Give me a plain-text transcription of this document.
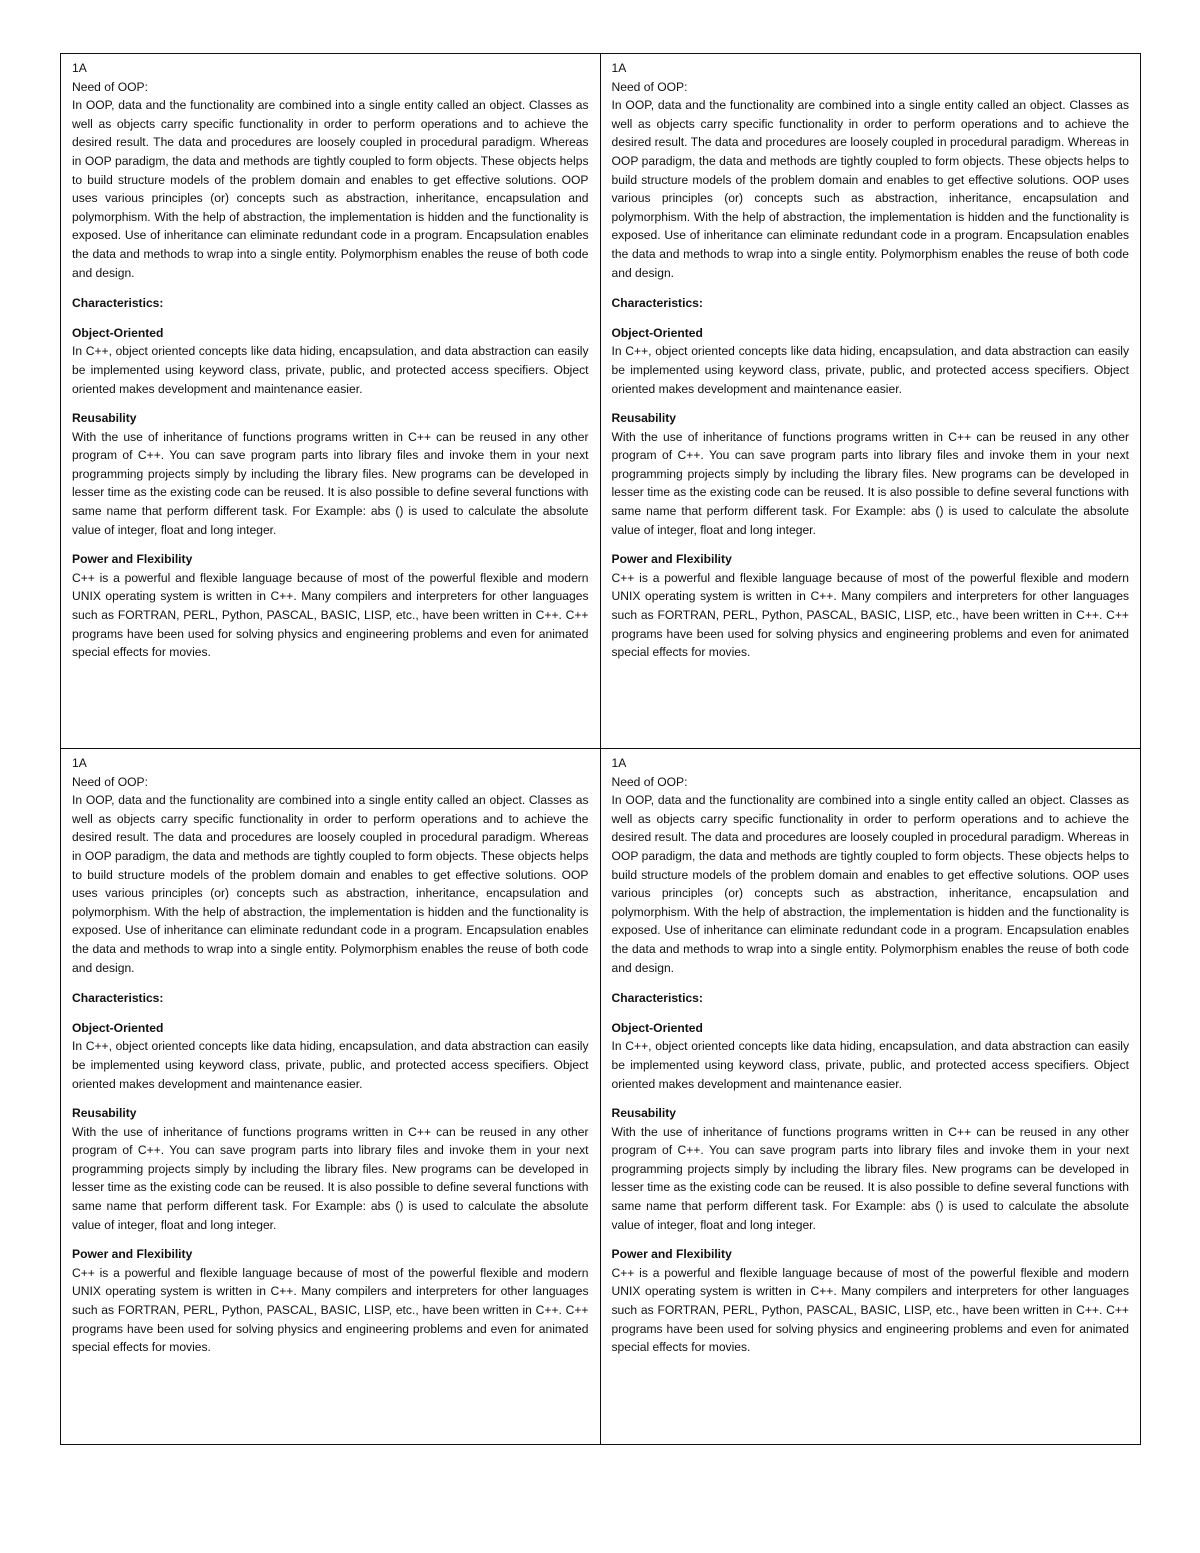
1A

Need of OOP:

In OOP, data and the functionality are combined into a single entity called an object. Classes as well as objects carry specific functionality in order to perform operations and to achieve the desired result. The data and procedures are loosely coupled in procedural paradigm. Whereas in OOP paradigm, the data and methods are tightly coupled to form objects. These objects helps to build structure models of the problem domain and enables to get effective solutions. OOP uses various principles (or) concepts such as abstraction, inheritance, encapsulation and polymorphism. With the help of abstraction, the implementation is hidden and the functionality is exposed. Use of inheritance can eliminate redundant code in a program. Encapsulation enables the data and methods to wrap into a single entity. Polymorphism enables the reuse of both code and design.

Characteristics:

Object-Oriented

In C++, object oriented concepts like data hiding, encapsulation, and data abstraction can easily be implemented using keyword class, private, public, and protected access specifiers. Object oriented makes development and maintenance easier.

Reusability

With the use of inheritance of functions programs written in C++ can be reused in any other program of C++. You can save program parts into library files and invoke them in your next programming projects simply by including the library files. New programs can be developed in lesser time as the existing code can be reused. It is also possible to define several functions with same name that perform different task. For Example: abs () is used to calculate the absolute value of integer, float and long integer.

Power and Flexibility

C++ is a powerful and flexible language because of most of the powerful flexible and modern UNIX operating system is written in C++. Many compilers and interpreters for other languages such as FORTRAN, PERL, Python, PASCAL, BASIC, LISP, etc., have been written in C++. C++ programs have been used for solving physics and engineering problems and even for animated special effects for movies.

1A

Need of OOP:

In OOP, data and the functionality are combined into a single entity called an object. Classes as well as objects carry specific functionality in order to perform operations and to achieve the desired result. The data and procedures are loosely coupled in procedural paradigm. Whereas in OOP paradigm, the data and methods are tightly coupled to form objects. These objects helps to build structure models of the problem domain and enables to get effective solutions. OOP uses various principles (or) concepts such as abstraction, inheritance, encapsulation and polymorphism. With the help of abstraction, the implementation is hidden and the functionality is exposed. Use of inheritance can eliminate redundant code in a program. Encapsulation enables the data and methods to wrap into a single entity. Polymorphism enables the reuse of both code and design.

Characteristics:

Object-Oriented

In C++, object oriented concepts like data hiding, encapsulation, and data abstraction can easily be implemented using keyword class, private, public, and protected access specifiers. Object oriented makes development and maintenance easier.

Reusability

With the use of inheritance of functions programs written in C++ can be reused in any other program of C++. You can save program parts into library files and invoke them in your next programming projects simply by including the library files. New programs can be developed in lesser time as the existing code can be reused. It is also possible to define several functions with same name that perform different task. For Example: abs () is used to calculate the absolute value of integer, float and long integer.

Power and Flexibility

C++ is a powerful and flexible language because of most of the powerful flexible and modern UNIX operating system is written in C++. Many compilers and interpreters for other languages such as FORTRAN, PERL, Python, PASCAL, BASIC, LISP, etc., have been written in C++. C++ programs have been used for solving physics and engineering problems and even for animated special effects for movies.

1A

Need of OOP:

In OOP, data and the functionality are combined into a single entity called an object. Classes as well as objects carry specific functionality in order to perform operations and to achieve the desired result. The data and procedures are loosely coupled in procedural paradigm. Whereas in OOP paradigm, the data and methods are tightly coupled to form objects. These objects helps to build structure models of the problem domain and enables to get effective solutions. OOP uses various principles (or) concepts such as abstraction, inheritance, encapsulation and polymorphism. With the help of abstraction, the implementation is hidden and the functionality is exposed. Use of inheritance can eliminate redundant code in a program. Encapsulation enables the data and methods to wrap into a single entity. Polymorphism enables the reuse of both code and design.

Characteristics:

Object-Oriented

In C++, object oriented concepts like data hiding, encapsulation, and data abstraction can easily be implemented using keyword class, private, public, and protected access specifiers. Object oriented makes development and maintenance easier.

Reusability

With the use of inheritance of functions programs written in C++ can be reused in any other program of C++. You can save program parts into library files and invoke them in your next programming projects simply by including the library files. New programs can be developed in lesser time as the existing code can be reused. It is also possible to define several functions with same name that perform different task. For Example: abs () is used to calculate the absolute value of integer, float and long integer.

Power and Flexibility

C++ is a powerful and flexible language because of most of the powerful flexible and modern UNIX operating system is written in C++. Many compilers and interpreters for other languages such as FORTRAN, PERL, Python, PASCAL, BASIC, LISP, etc., have been written in C++. C++ programs have been used for solving physics and engineering problems and even for animated special effects for movies.

1A

Need of OOP:

In OOP, data and the functionality are combined into a single entity called an object. Classes as well as objects carry specific functionality in order to perform operations and to achieve the desired result. The data and procedures are loosely coupled in procedural paradigm. Whereas in OOP paradigm, the data and methods are tightly coupled to form objects. These objects helps to build structure models of the problem domain and enables to get effective solutions. OOP uses various principles (or) concepts such as abstraction, inheritance, encapsulation and polymorphism. With the help of abstraction, the implementation is hidden and the functionality is exposed. Use of inheritance can eliminate redundant code in a program. Encapsulation enables the data and methods to wrap into a single entity. Polymorphism enables the reuse of both code and design.

Characteristics:

Object-Oriented

In C++, object oriented concepts like data hiding, encapsulation, and data abstraction can easily be implemented using keyword class, private, public, and protected access specifiers. Object oriented makes development and maintenance easier.

Reusability

With the use of inheritance of functions programs written in C++ can be reused in any other program of C++. You can save program parts into library files and invoke them in your next programming projects simply by including the library files. New programs can be developed in lesser time as the existing code can be reused. It is also possible to define several functions with same name that perform different task. For Example: abs () is used to calculate the absolute value of integer, float and long integer.

Power and Flexibility

C++ is a powerful and flexible language because of most of the powerful flexible and modern UNIX operating system is written in C++. Many compilers and interpreters for other languages such as FORTRAN, PERL, Python, PASCAL, BASIC, LISP, etc., have been written in C++. C++ programs have been used for solving physics and engineering problems and even for animated special effects for movies.
